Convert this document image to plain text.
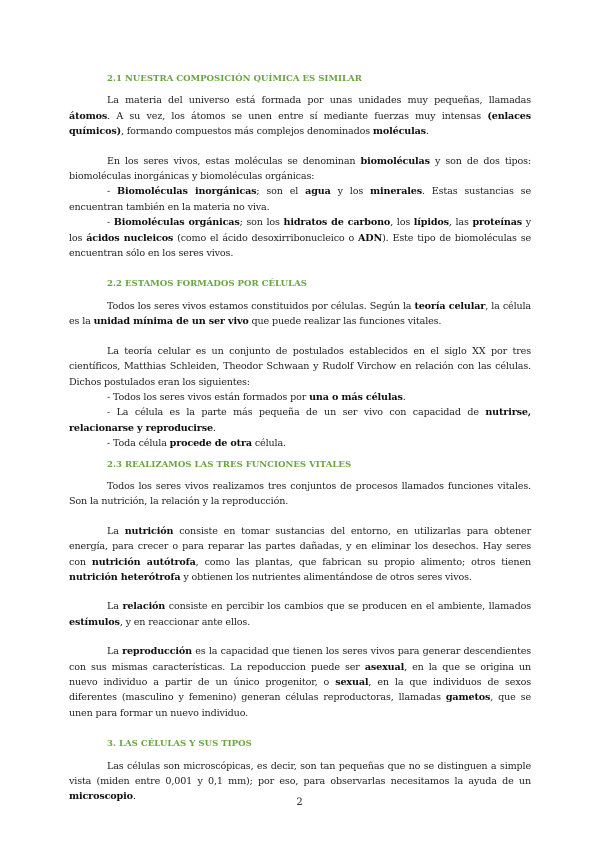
2.1 NUESTRA COMPOSICIÓN QUÍMICA ES SIMILAR

La materia del universo está formada por unas unidades muy pequeñas, llamadas átomos. A su vez, los átomos se unen entre sí mediante fuerzas muy intensas (enlaces químicos), formando compuestos más complejos denominados moléculas.

En los seres vivos, estas moléculas se denominan biomoléculas y son de dos tipos: biomoléculas inorgánicas y biomoléculas orgánicas:

- Biomoléculas inorgánicas; son el agua y los minerales. Estas sustancias se encuentran también en la materia no viva.

- Biomoléculas orgánicas; son los hidratos de carbono, los lípidos, las proteínas y los ácidos nucleicos (como el ácido desoxirribonucleico o ADN). Este tipo de biomoléculas se encuentran sólo en los seres vivos.

2.2 ESTAMOS FORMADOS POR CÉLULAS

Todos los seres vivos estamos constituidos por células. Según la teoría celular, la célula es la unidad mínima de un ser vivo que puede realizar las funciones vitales.

La teoría celular es un conjunto de postulados establecidos en el siglo XX por tres científicos, Matthias Schleiden, Theodor Schwaan y Rudolf Virchow en relación con las células. Dichos postulados eran los siguientes:

- Todos los seres vivos están formados por una o más células.

- La célula es la parte más pequeña de un ser vivo con capacidad de nutrirse, relacionarse y reproducirse.

- Toda célula procede de otra célula.

2.3 REALIZAMOS LAS TRES FUNCIONES VITALES

Todos los seres vivos realizamos tres conjuntos de procesos llamados funciones vitales. Son la nutrición, la relación y la reproducción.

La nutrición consiste en tomar sustancias del entorno, en utilizarlas para obtener energía, para crecer o para reparar las partes dañadas, y en eliminar los desechos. Hay seres con nutrición autótrofa, como las plantas, que fabrican su propio alimento; otros tienen nutrición heterótrofa y obtienen los nutrientes alimentándose de otros seres vivos.

La relación consiste en percibir los cambios que se producen en el ambiente, llamados estímulos, y en reaccionar ante ellos.

La reproducción es la capacidad que tienen los seres vivos para generar descendientes con sus mismas características. La repoduccion puede ser asexual, en la que se origina un nuevo individuo a partir de un único progenitor, o sexual, en la que individuos de sexos diferentes (masculino y femenino) generan células reproductoras, llamadas gametos, que se unen para formar un nuevo individuo.

3. LAS CÉLULAS Y SUS TIPOS

Las células son microscópicas, es decir, son tan pequeñas que no se distinguen a simple vista (miden entre 0,001 y 0,1 mm); por eso, para observarlas necesitamos la ayuda de un microscopio.

2
